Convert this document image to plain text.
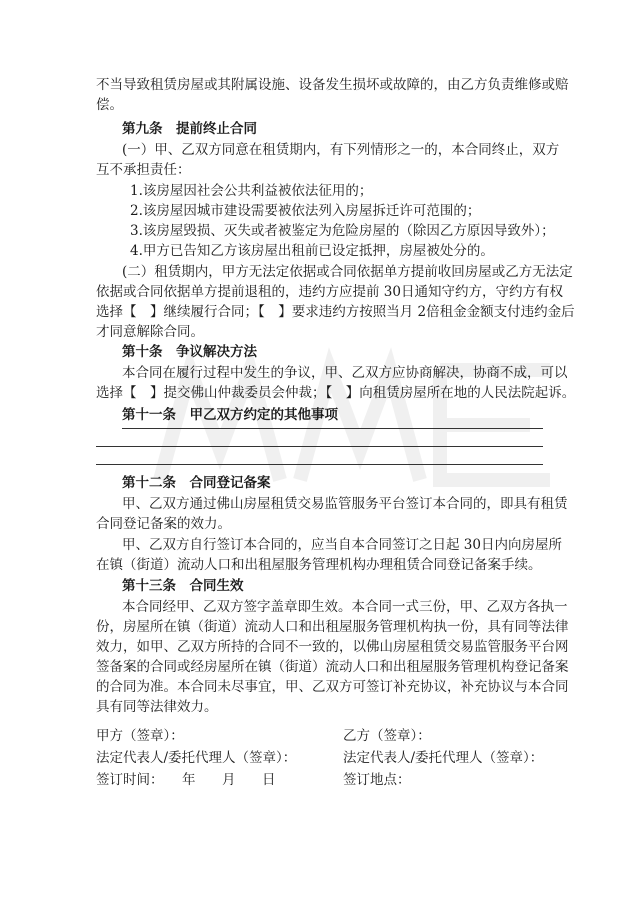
不当导致租赁房屋或其附属设施、设备发生损坏或故障的，由乙方负责维修或赔
偿。
第九条　提前终止合同
(一）甲、乙双方同意在租赁期内，有下列情形之一的，本合同终止，双方
互不承担责任：
1.该房屋因社会公共利益被依法征用的；
2.该房屋因城市建设需要被依法列入房屋拆迁许可范围的；
3.该房屋毁损、灭失或者被鉴定为危险房屋的（除因乙方原因导致外）；
4.甲方已告知乙方该房屋出租前已设定抵押，房屋被处分的。
(二）租赁期内，甲方无法定依据或合同依据单方提前收回房屋或乙方无法定
依据或合同依据单方提前退租的，违约方应提前 30日通知守约方，守约方有权
选择【　】继续履行合同；【　】要求违约方按照当月 2倍租金金额支付违约金后
才同意解除合同。
第十条　争议解决方法
本合同在履行过程中发生的争议，甲、乙双方应协商解决，协商不成，可以
选择【　】提交佛山仲裁委员会仲裁；【　】向租赁房屋所在地的人民法院起诉。
第十一条　甲乙双方约定的其他事项
第十二条　合同登记备案
甲、乙双方通过佛山房屋租赁交易监管服务平台签订本合同的，即具有租赁
合同登记备案的效力。
甲、乙双方自行签订本合同的，应当自本合同签订之日起 30日内向房屋所
在镇（街道）流动人口和出租屋服务管理机构办理租赁合同登记备案手续。
第十三条　合同生效
本合同经甲、乙双方签字盖章即生效。本合同一式三份，甲、乙双方各执一
份，房屋所在镇（街道）流动人口和出租屋服务管理机构执一份，具有同等法律
效力，如甲、乙双方所持的合同不一致的，以佛山房屋租赁交易监管服务平台网
签备案的合同或经房屋所在镇（街道）流动人口和出租屋服务管理机构登记备案
的合同为准。本合同未尽事宜，甲、乙双方可签订补充协议，补充协议与本合同
具有同等法律效力。
甲方（签章）：	乙方（签章）：
法定代表人/委托代理人（签章）：	法定代表人/委托代理人（签章）：
签订时间： 年 月 日	签订地点：
